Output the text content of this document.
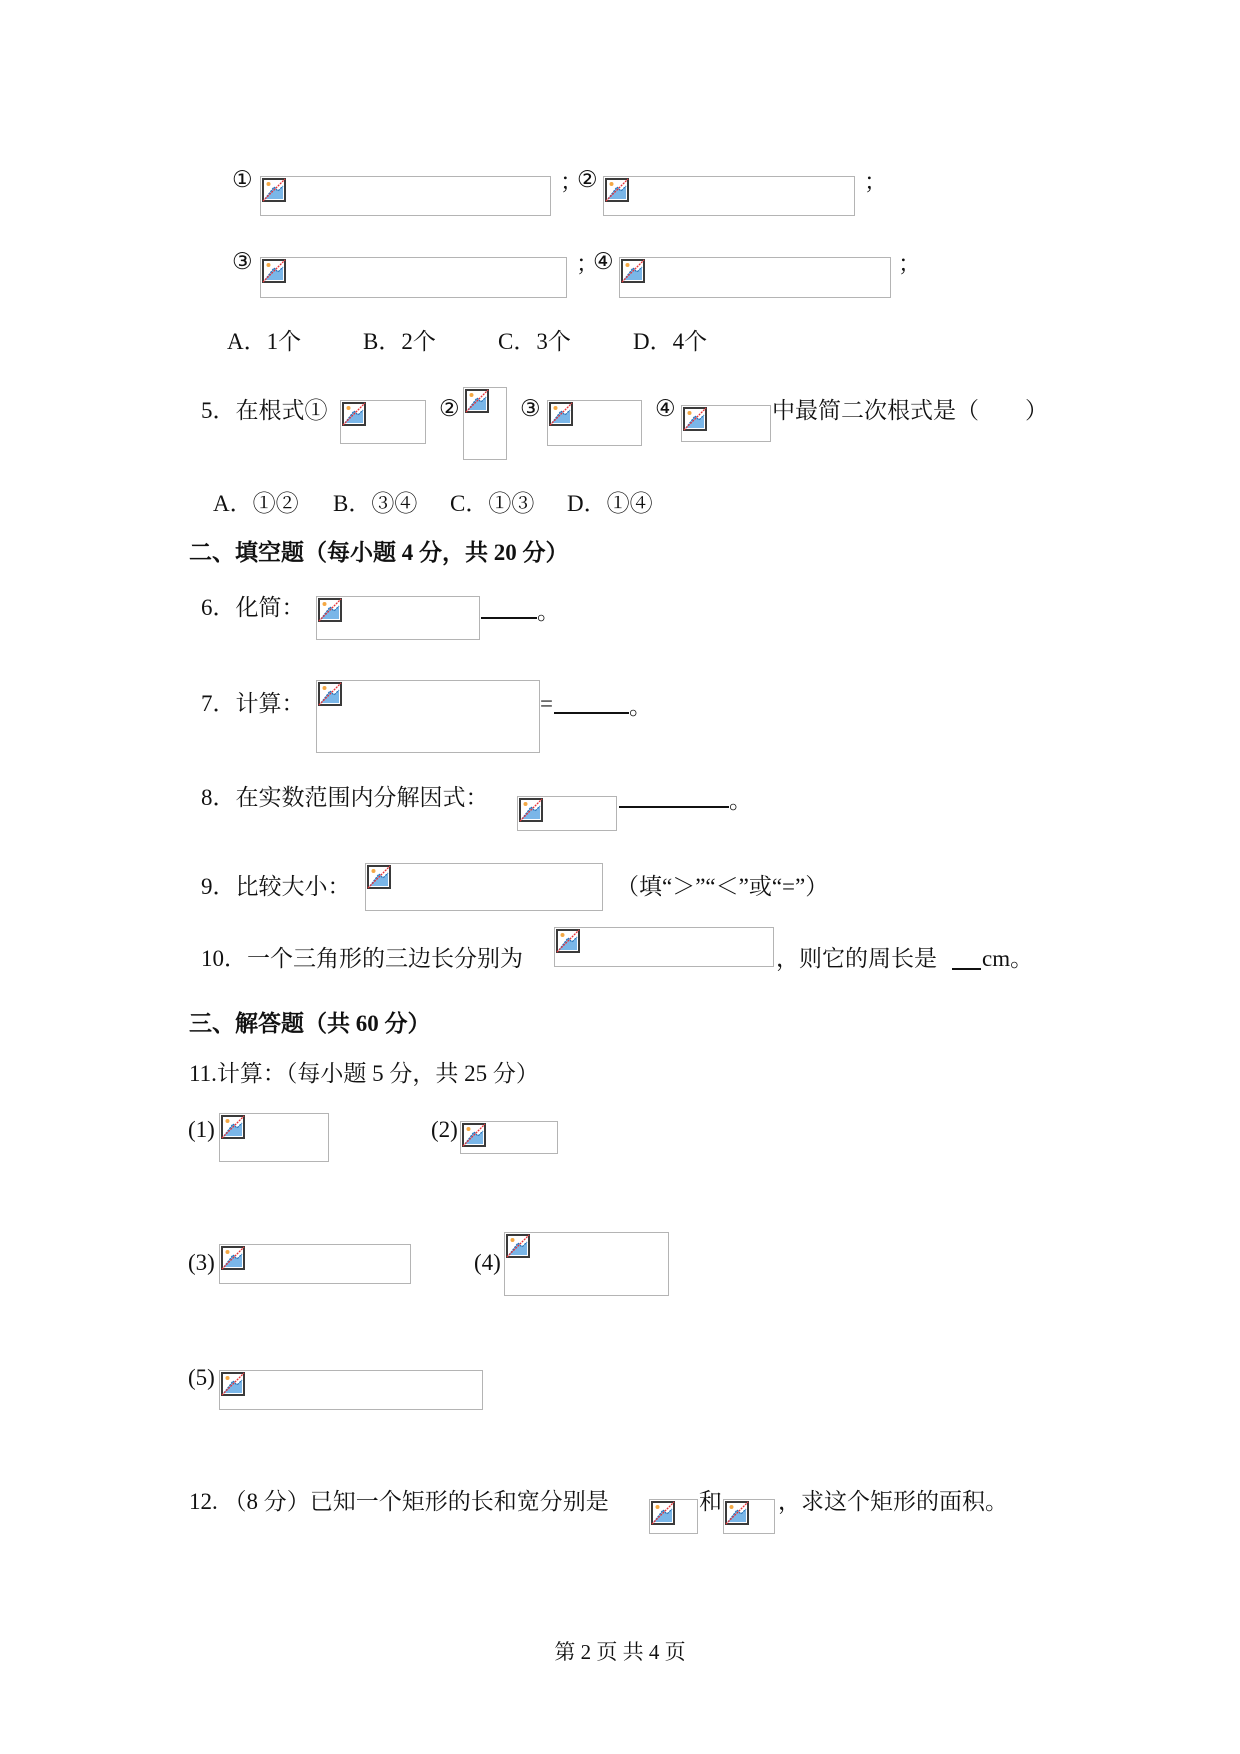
①	；
②	；
③	；
④	；
A．1个	B．2个	C．3个	D．4个
5．在根式①	②	③	④	中最简二次根式是（　　）
A．①② B．③④ C．①③ D．①④
二、填空题（每小题 4 分，共 20 分）
6．化简：	。
7．计算：	=	。
8．在实数范围内分解因式：	。
9．比较大小：	（填“＞”“＜”或“=”）
10．一个三角形的三边长分别为	，则它的周长是 cm。
三、解答题（共 60 分）
11.计算：（每小题 5 分，共 25 分）
(1)	(2)
(3)	(4)
(5)
12. （8 分）已知一个矩形的长和宽分别是	和 ，求这个矩形的面积。
第 2 页 共 4 页
